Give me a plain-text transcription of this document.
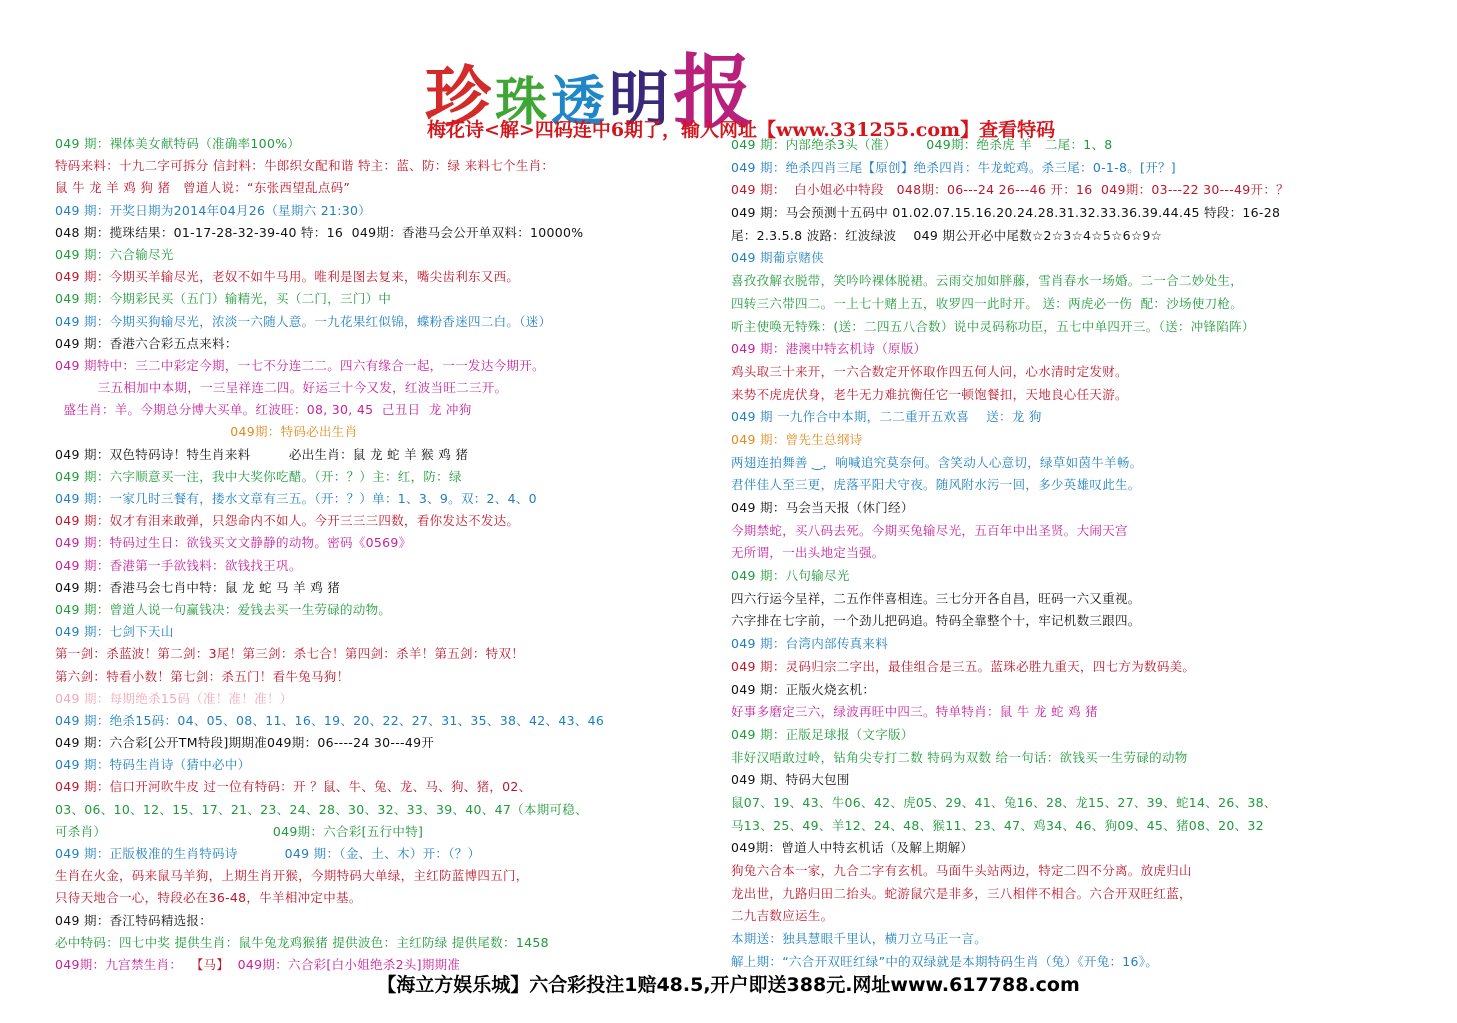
珍珠透明报
梅花诗<解>四码连中6期了，输入网址【www.331255.com】查看特码
049 期：裸体美女献特码（准确率100%）
特码来料：十九二字可拆分 信封料：牛郎织女配和谐 特主：蓝、防：绿 来料七个生肖：
鼠 牛 龙 羊 鸡 狗 猪   曾道人说：“东张西望乱点码”
049 期：开奖日期为2014年04月26（星期六 21:30）
048 期：揽珠结果：01-17-28-32-39-40 特：16  049期：香港马会公开单双料：10000%
049 期：六合输尽光
049 期：今期买羊输尽光，老奴不如牛马用。唯利是图去复来，嘴尖齿利东又西。
049 期：今期彩民买（五门）输精光，买（二门，三门）中
049 期：今期买狗输尽光，浓淡一六随人意。一九花果红似锦，蝶粉香迷四二白。（迷）
049 期：香港六合彩五点来料：
049 期特中：三二中彩定今期，一七不分连二二。四六有缘合一起，一一发达今期开。
三五相加中本期，一三呈祥连二四。好运三十今又发，红波当旺二三开。
盛生肖：羊。今期总分博大买单。红波旺：08, 30, 45  己丑日  龙 冲狗
049期：特码必出生肖
049 期：双色特码诗！特生肖来料         必出生肖：鼠 龙 蛇 羊 猴 鸡 猪
049 期：六字顺意买一注，我中大奖你吃醋。（开：？）主：红，防：绿
049 期：一家几时三餐有，搂水文章有三五。（开：？）单：1、3、9。双：2、4、0
049 期：奴才有泪来敢弹，只怨命内不如人。今开三三三四数，看你发达不发达。
049 期：特码过生日：欲钱买文文静静的动物。密码《0569》
049 期：香港第一手欲钱料：欲钱找王巩。
049 期：香港马会七肖中特：鼠 龙 蛇 马 羊 鸡 猪
049 期：曾道人说一句赢钱决：爱钱去买一生劳碌的动物。
049 期：七剑下天山
第一剑：杀蓝波！第二剑：3尾！第三剑：杀七合！第四剑：杀羊！第五剑：特双！
第六剑：特看小数！第七剑：杀五门！看牛兔马狗！
049 期：每期绝杀15码（准！准！准！）
049 期：绝杀15码：04、05、08、11、16、19、20、22、27、31、35、38、42、43、46
049 期：六合彩[公开TM特段]期期准049期：06----24 30---49开
049 期：特码生肖诗（猜中必中）
049 期：信口开河吹牛皮 过一位有特码：开 ？鼠、牛、兔、龙、马、狗、猪，02、
03、06、10、12、15、17、21、23、24、28、30、32、33、39、40、47（本期可稳、
可杀肖）                                       049期：六合彩[五行中特]
049 期：正版极准的生肖特码诗           049 期：（金、土、木）开：（？）
生肖在火金，码来鼠马羊狗，上期生肖开猴，今期特码大单绿，主红防蓝博四五门，
只待天地合一心，特段必在36-48，牛羊相冲定中基。
049 期：香江特码精选报：
必中特码：四七中奖 提供生肖：鼠牛兔龙鸡猴猪 提供波色：主红防绿 提供尾数：1458
049期：九宫禁生肖：  【马】  049期：六合彩[白小姐绝杀2头]期期准
049 期：内部绝杀3头（准）       049期：绝杀虎 羊   二尾：1、8
049 期：绝杀四肖三尾【原创】绝杀四肖：牛龙蛇鸡。杀三尾：0-1-8。[开？]
049 期：  白小姐必中特段   048期：06---24 26---46 开：16  049期：03---22 30---49开：？
049 期：马会预测十五码中 01.02.07.15.16.20.24.28.31.32.33.36.39.44.45 特段：16-28
尾：2.3.5.8 波路：红波绿波    049 期公开必中尾数☆2☆3☆4☆5☆6☆9☆
049 期葡京赌侠
喜孜孜解衣脱带，笑吟吟裸体脱裙。云雨交加如胖藤，雪肖春水一场婚。二一合二妙处生，
四转三六带四二。一上七十赌上五，收罗四一此时开。 送：两虎必一伤  配：沙场使刀枪。
听主使唤无特殊：(送：二四五八合数）说中灵码称功臣，五七中单四开三。（送：冲锋陷阵）
049 期：港澳中特玄机诗（原版）
鸡头取三十来开，一六合数定开怀取作四五何人问，心水清时定发财。
来势不虎虎伏身，老牛无力难抗衡任它一顿饱餐扣，天地良心任天游。
049 期 一九作合中本期，二二重开五欢喜    送：龙 狗
049 期：曾先生总纲诗
两翅连拍舞善 ‿，响喊追究莫奈何。含笑动人心意切，绿草如茵牛羊畅。
君伴佳人至三更，虎落平阳犬守夜。随风附水污一回，多少英雄叹此生。
049 期：马会当天报（休门经）
今期禁蛇，买八码去死。今期买兔输尽光，五百年中出圣贤。大闹天宫
无所谓，一出头地定当强。
049 期：八句输尽光
四六行运今呈祥，二五作伴喜相连。三七分开各自昌，旺码一六又重视。
六字排在七字前，一个劲儿把码追。特码全靠整个十，牢记机数三跟四。
049 期：台湾内部传真来料
049 期：灵码归宗二字出，最佳组合是三五。蓝珠必胜九重天，四七方为数码美。
049 期：正版火烧玄机：
好事多磨定三六，绿波再旺中四三。特单特肖：鼠 牛 龙 蛇 鸡 猪
049 期：正版足球报（文字版）
非好汉唔敢过岭，钻角尖专打二数 特码为双数 给一句话：欲钱买一生劳碌的动物
049 期、特码大包围
鼠07、19、43、牛06、42、虎05、29、41、兔16、28、龙15、27、39、蛇14、26、38、
马13、25、49、羊12、24、48、猴11、23、47、鸡34、46、狗09、45、猪08、20、32
049期：曾道人中特玄机话（及解上期解）
狗兔六合本一家，九合二字有玄机。马面牛头站两边，特定二四不分离。放虎归山
龙出世，九路归田二抬头。蛇游鼠穴是非多，三八相伴不相合。六合开双旺红蓝，
二九吉数应运生。
本期送：独具慧眼千里认，横刀立马正一言。
解上期：“六合开双旺红绿”中的双绿就是本期特码生肖（兔）《开兔：16》。
【海立方娱乐城】六合彩投注1赔48.5,开户即送388元.网址www.617788.com
